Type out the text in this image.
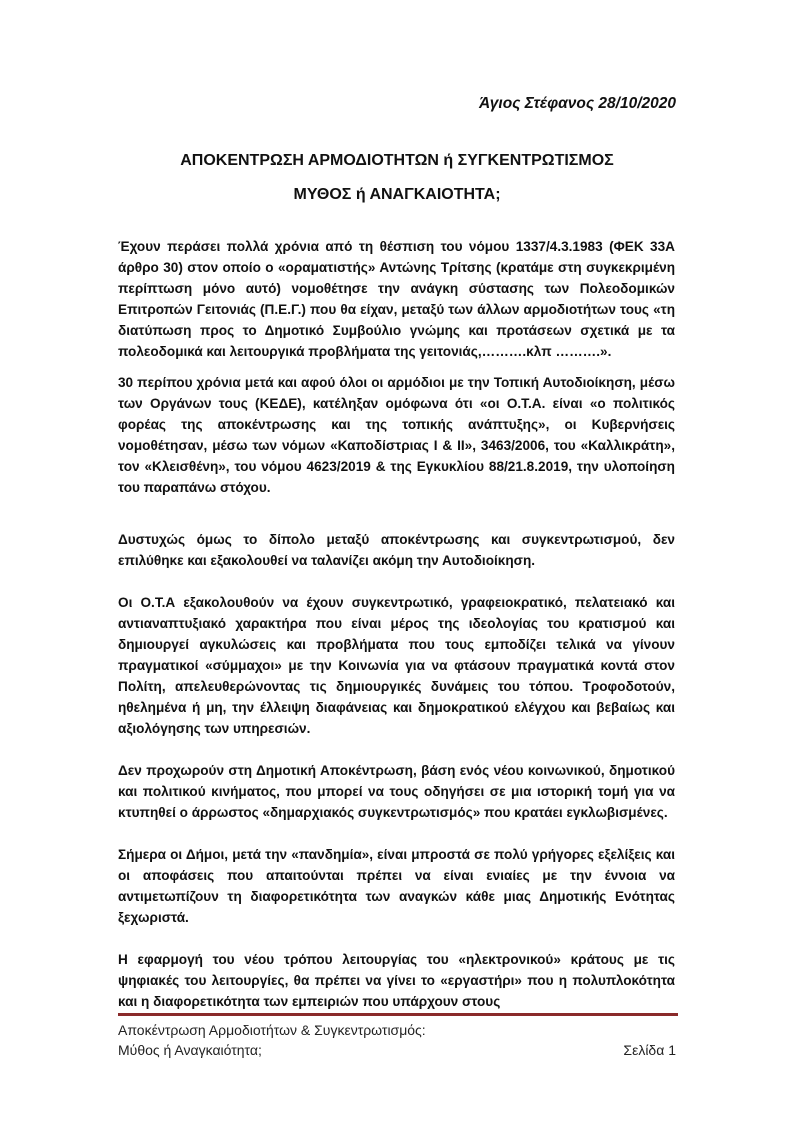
Άγιος Στέφανος 28/10/2020
ΑΠΟΚΕΝΤΡΩΣΗ ΑΡΜΟΔΙΟΤΗΤΩΝ ή ΣΥΓΚΕΝΤΡΩΤΙΣΜΟΣ
ΜΥΘΟΣ ή ΑΝΑΓΚΑΙΟΤΗΤΑ;

Έχουν περάσει πολλά χρόνια από τη θέσπιση του νόμου 1337/4.3.1983 (ΦΕΚ 33Α άρθρο 30) στον οποίο ο «οραματιστής» Αντώνης Τρίτσης (κρατάμε στη συγκεκριμένη περίπτωση μόνο αυτό) νομοθέτησε την ανάγκη σύστασης των Πολεοδομικών Επιτροπών Γειτονιάς (Π.Ε.Γ.) που θα είχαν, μεταξύ των άλλων αρμοδιοτήτων τους «τη διατύπωση προς το Δημοτικό Συμβούλιο γνώμης και προτάσεων σχετικά με τα πολεοδομικά και λειτουργικά προβλήματα της γειτονιάς,……….κλπ ……….».

30 περίπου χρόνια μετά και αφού όλοι οι αρμόδιοι με την Τοπική Αυτοδιοίκηση, μέσω των Οργάνων τους (ΚΕΔΕ), κατέληξαν ομόφωνα ότι «οι Ο.Τ.Α. είναι «ο πολιτικός φορέας της αποκέντρωσης και της τοπικής ανάπτυξης», οι Κυβερνήσεις νομοθέτησαν, μέσω των νόμων «Καποδίστριας Ι & ΙΙ», 3463/2006, του «Καλλικράτη», τον «Κλεισθένη», του νόμου 4623/2019 & της Εγκυκλίου 88/21.8.2019, την υλοποίηση του παραπάνω στόχου.

Δυστυχώς όμως το δίπολο μεταξύ αποκέντρωσης και συγκεντρωτισμού, δεν επιλύθηκε και εξακολουθεί να ταλανίζει ακόμη την Αυτοδιοίκηση.

Οι Ο.Τ.Α εξακολουθούν να έχουν συγκεντρωτικό, γραφειοκρατικό, πελατειακό και αντιαναπτυξιακό χαρακτήρα που είναι μέρος της ιδεολογίας του κρατισμού και δημιουργεί αγκυλώσεις και προβλήματα που τους εμποδίζει τελικά να γίνουν πραγματικοί «σύμμαχοι» με την Κοινωνία για να φτάσουν πραγματικά κοντά στον Πολίτη, απελευθερώνοντας τις δημιουργικές δυνάμεις του τόπου. Τροφοδοτούν, ηθελημένα ή μη, την έλλειψη διαφάνειας και δημοκρατικού ελέγχου και βεβαίως και αξιολόγησης των υπηρεσιών.

Δεν προχωρούν στη Δημοτική Αποκέντρωση, βάση ενός νέου κοινωνικού, δημοτικού και πολιτικού κινήματος, που μπορεί να τους οδηγήσει σε μια ιστορική τομή για να κτυπηθεί ο άρρωστος «δημαρχιακός συγκεντρωτισμός» που κρατάει εγκλωβισμένες.

Σήμερα οι Δήμοι, μετά την «πανδημία», είναι μπροστά σε πολύ γρήγορες εξελίξεις και οι αποφάσεις που απαιτούνται πρέπει να είναι ενιαίες με την έννοια να αντιμετωπίζουν τη διαφορετικότητα των αναγκών κάθε μιας Δημοτικής Ενότητας ξεχωριστά.

Η εφαρμογή του νέου τρόπου λειτουργίας του «ηλεκτρονικού» κράτους με τις ψηφιακές του λειτουργίες, θα πρέπει να γίνει το «εργαστήρι» που η πολυπλοκότητα και η διαφορετικότητα των εμπειριών που υπάρχουν στους

Αποκέντρωση Αρμοδιοτήτων & Συγκεντρωτισμός:
Μύθος ή Αναγκαιότητα;	Σελίδα 1
